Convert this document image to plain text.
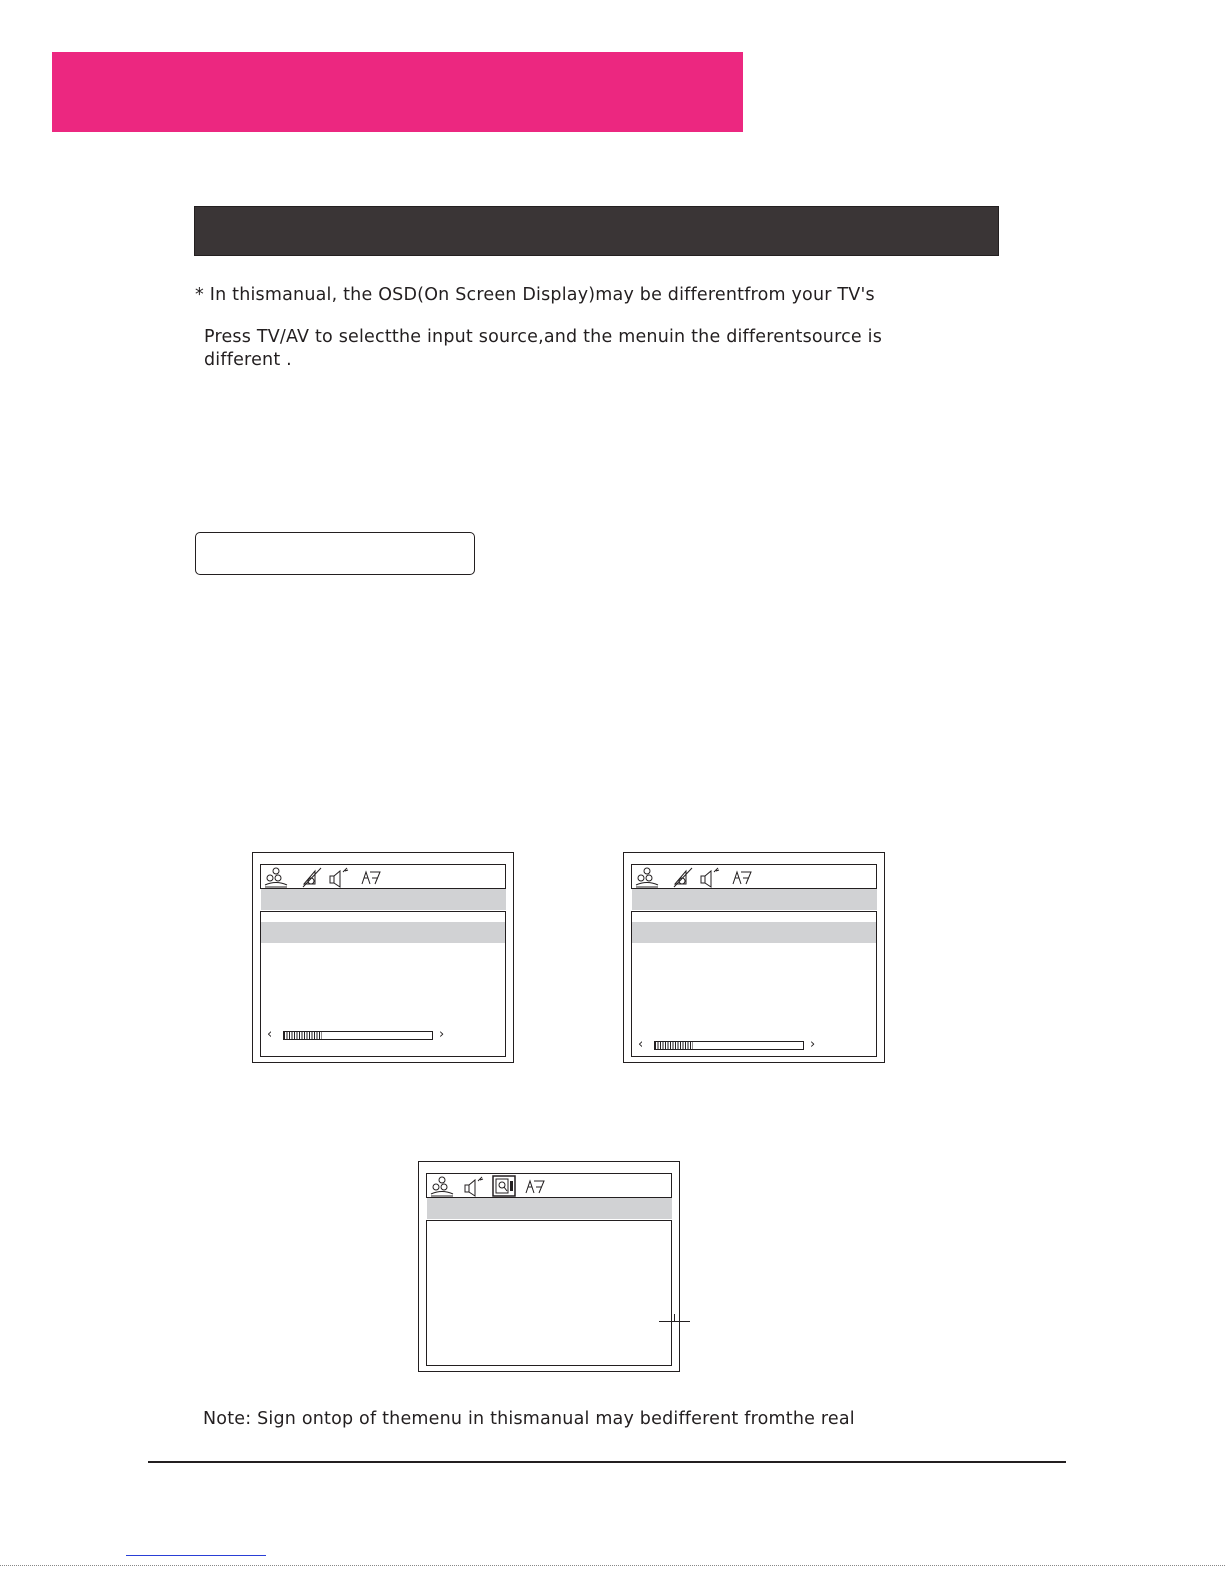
* In thismanual, the OSD(On Screen Display)may be differentfrom your TV's
Press TV/AV to selectthe input source,and the menuin the differentsource is
different .
‹	›
‹	›
Note: Sign ontop of themenu in thismanual may bedifferent fromthe real
